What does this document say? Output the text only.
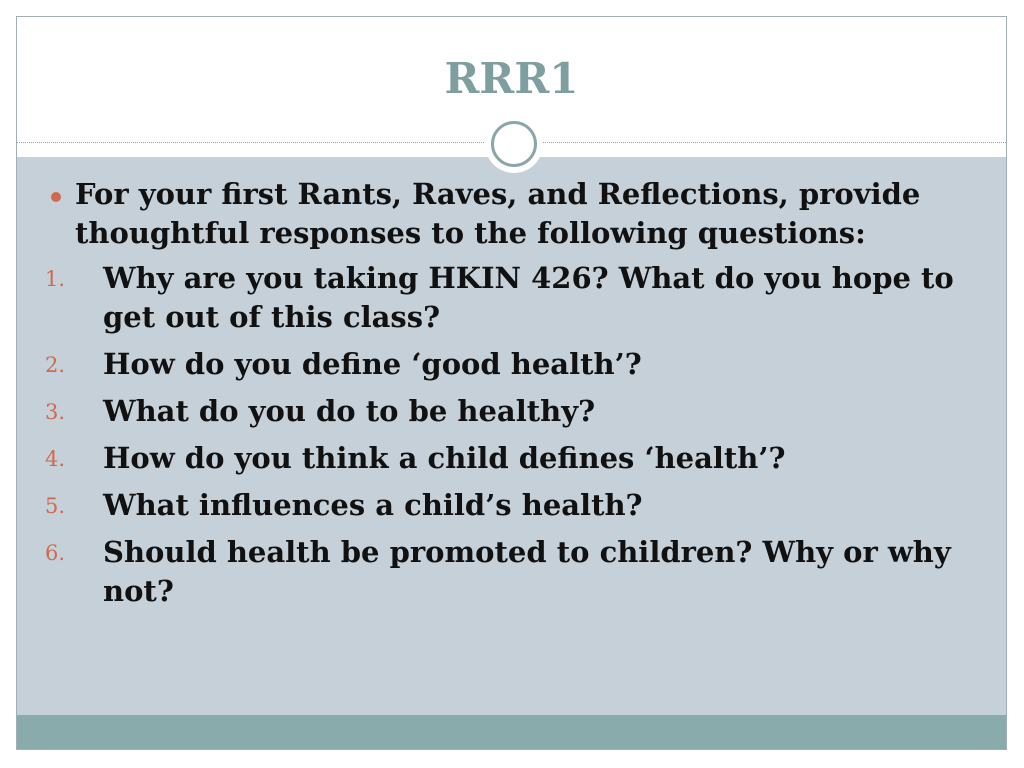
RRR1
For your first Rants, Raves, and Reflections, provide thoughtful responses to the following questions:
1. Why are you taking HKIN 426? What do you hope to get out of this class?
2. How do you define ‘good health’?
3. What do you do to be healthy?
4. How do you think a child defines ‘health’?
5. What influences a child’s health?
6. Should health be promoted to children? Why or why not?
